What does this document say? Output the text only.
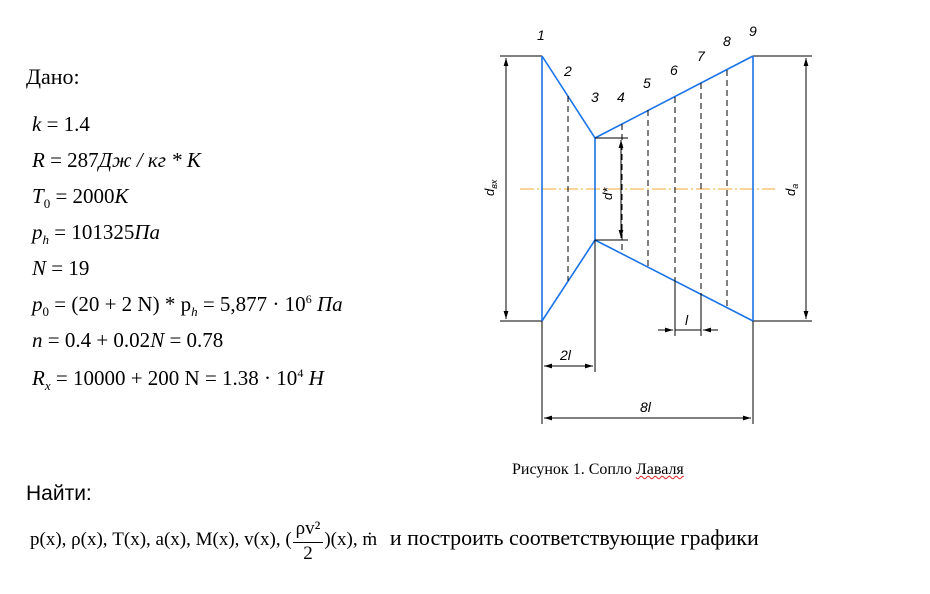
Дано:
k = 1.4
R = 287Дж / кг * К
$T_0 = 2000K$
$p_h = 101325Па$
N = 19
$p_0 = (20 + 2$ $N) * p_h = 5,877 \cdot 10^6$ Па
n = 0.4 + 0.02N = 0.78
$R_x = 10000 + 200$ $N = 1.38 \cdot 10^4$ H
Найти:
p(x), ρ(x), T(x), a(x), M(x), v(x), ( $\frac{\text{ρv²}}{2} )(x)$, ṁ и построить соответствующие графики
Рисунок 1. Сопло Лаваля
$d_{вх}$
$d_a$
d*
l
2l
8l
1
2
3 4
5
6
7
8
9
